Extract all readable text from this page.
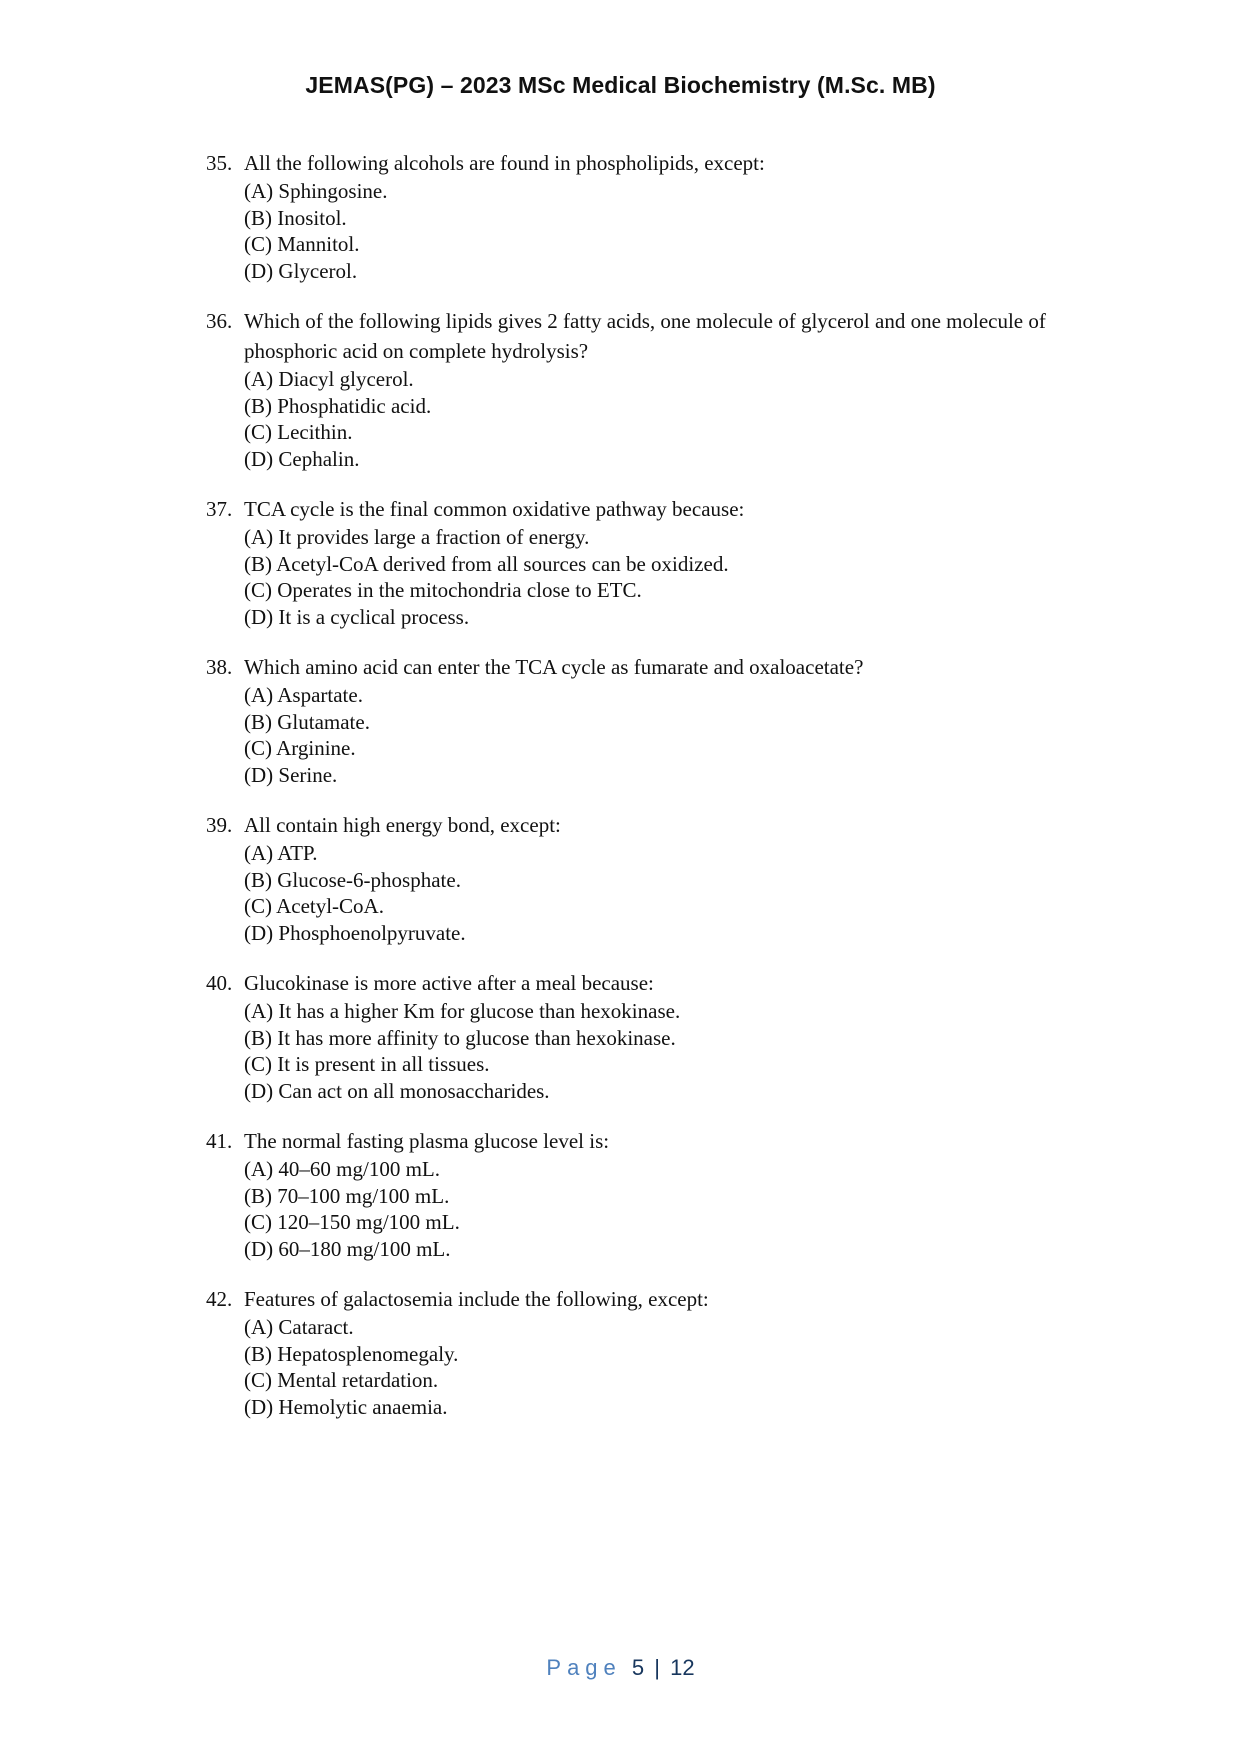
JEMAS(PG) – 2023 MSc Medical Biochemistry (M.Sc. MB)
35. All the following alcohols are found in phospholipids, except:
(A) Sphingosine.
(B) Inositol.
(C) Mannitol.
(D) Glycerol.
36. Which of the following lipids gives 2 fatty acids, one molecule of glycerol and one molecule of phosphoric acid on complete hydrolysis?
(A) Diacyl glycerol.
(B) Phosphatidic acid.
(C) Lecithin.
(D) Cephalin.
37. TCA cycle is the final common oxidative pathway because:
(A) It provides large a fraction of energy.
(B) Acetyl-CoA derived from all sources can be oxidized.
(C) Operates in the mitochondria close to ETC.
(D) It is a cyclical process.
38. Which amino acid can enter the TCA cycle as fumarate and oxaloacetate?
(A) Aspartate.
(B) Glutamate.
(C) Arginine.
(D) Serine.
39. All contain high energy bond, except:
(A) ATP.
(B) Glucose-6-phosphate.
(C) Acetyl-CoA.
(D) Phosphoenolpyruvate.
40. Glucokinase is more active after a meal because:
(A) It has a higher Km for glucose than hexokinase.
(B) It has more affinity to glucose than hexokinase.
(C) It is present in all tissues.
(D) Can act on all monosaccharides.
41. The normal fasting plasma glucose level is:
(A) 40–60 mg/100 mL.
(B) 70–100 mg/100 mL.
(C) 120–150 mg/100 mL.
(D) 60–180 mg/100 mL.
42. Features of galactosemia include the following, except:
(A) Cataract.
(B) Hepatosplenomegaly.
(C) Mental retardation.
(D) Hemolytic anaemia.
Page 5 | 12
